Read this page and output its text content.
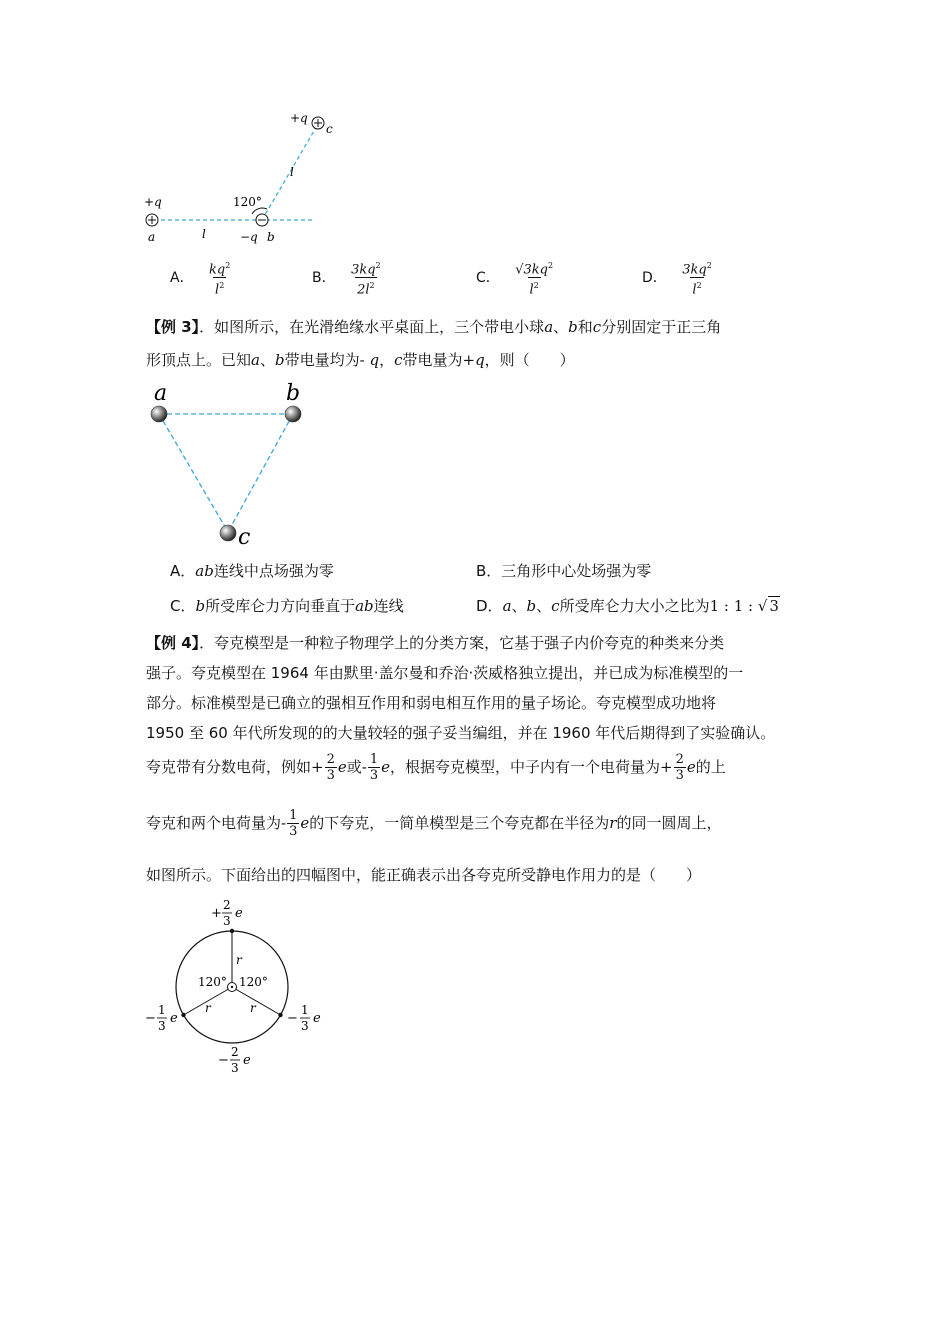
+q
a	l	−q b
120°
l
+q
c
A． $\frac{kq^2}{l^2}$	B． $\frac{3kq^2}{2l^2}$	C． $\frac{√3kq^2}{l^2}$	D． $\frac{3kq^2}{l^2}$
【例 3】．如图所示，在光滑绝缘水平桌面上，三个带电小球a、b和c分别固定于正三角
形顶点上。已知a、b带电量均为- q，c带电量为+q，则（　　）
a	b
c
A．ab连线中点场强为零	B．三角形中心处场强为零
C．b所受库仑力方向垂直于ab连线	D．a、b、c所受库仑力大小之比为1 : 1 : √ 3
【例 4】．夸克模型是一种粒子物理学上的分类方案，它基于强子内价夸克的种类来分类
强子。夸克模型在 1964 年由默里·盖尔曼和乔治·茨威格独立提出，并已成为标准模型的一
部分。标准模型是已确立的强相互作用和弱电相互作用的量子场论。夸克模型成功地将
1950 至 60 年代所发现的的大量较轻的强子妥当编组，并在 1960 年代后期得到了实验确认。
夸克带有分数电荷，例如+ $\frac{2}{3}$ e或- $\frac{1}{3}$ e，根据夸克模型，中子内有一个电荷量为+ $\frac{2}{3}$ e的上
夸克和两个电荷量为- $\frac{1}{3}$ e的下夸克，一简单模型是三个夸克都在半径为r的同一圆周上，
如图所示。下面给出的四幅图中，能正确表示出各夸克所受静电作用力的是（　　）
r
r	r
120° 120°
+
2
3 e
−
1
3 e	−
1
3 e
−
2
3 e
